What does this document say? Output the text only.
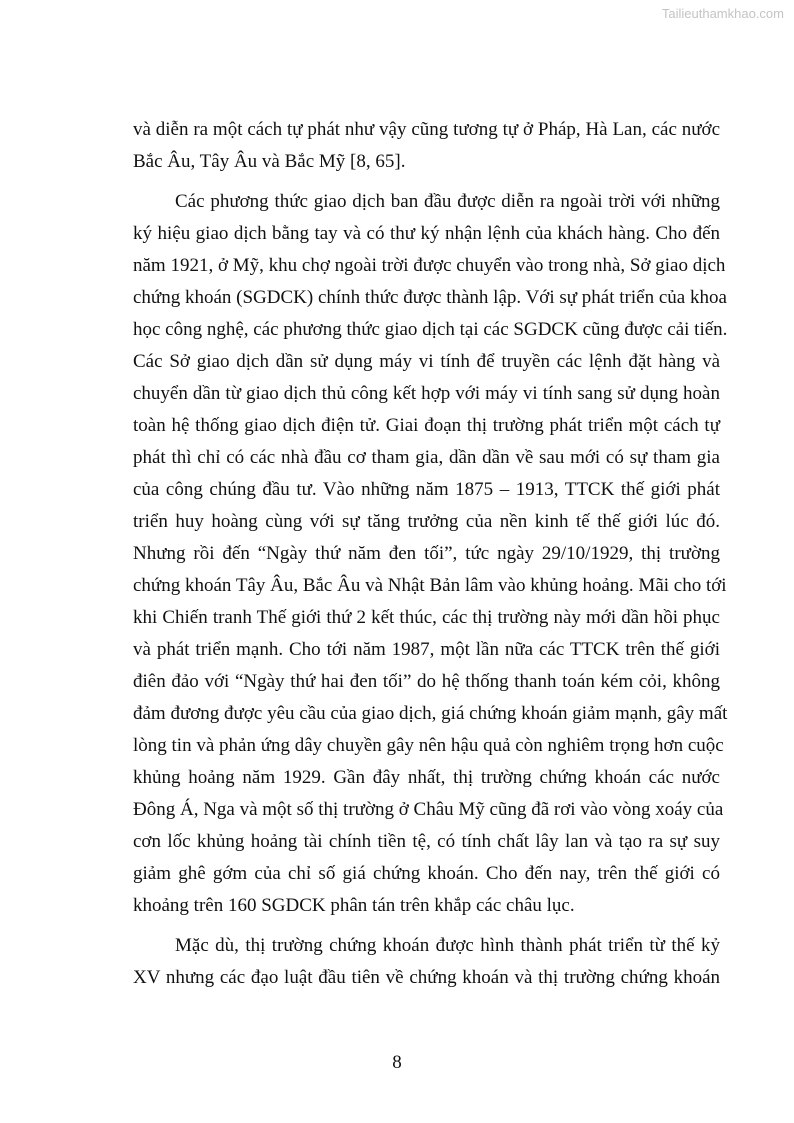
Tailieuthamkhao.com
và diễn ra một cách tự phát như vậy cũng tương tự ở Pháp, Hà Lan, các nước
Bắc Âu, Tây Âu và Bắc Mỹ [8, 65].
Các phương thức giao dịch ban đầu được diễn ra ngoài trời với những
ký hiệu giao dịch bằng tay và có thư ký nhận lệnh của khách hàng. Cho đến
năm 1921, ở Mỹ, khu chợ ngoài trời được chuyển vào trong nhà, Sở giao dịch
chứng khoán (SGDCK) chính thức được thành lập. Với sự phát triển của khoa
học công nghệ, các phương thức giao dịch tại các SGDCK cũng được cải tiến.
Các Sở giao dịch dần sử dụng máy vi tính để truyền các lệnh đặt hàng và
chuyển dần từ giao dịch thủ công kết hợp với máy vi tính sang sử dụng hoàn
toàn hệ thống giao dịch điện tử. Giai đoạn thị trường phát triển một cách tự
phát thì chỉ có các nhà đầu cơ tham gia, dần dần về sau mới có sự tham gia
của công chúng đầu tư. Vào những năm 1875 – 1913, TTCK thế giới phát
triển huy hoàng cùng với sự tăng trưởng của nền kinh tế thế giới lúc đó.
Nhưng rồi đến “Ngày thứ năm đen tối”, tức ngày 29/10/1929, thị trường
chứng khoán Tây Âu, Bắc Âu và Nhật Bản lâm vào khủng hoảng. Mãi cho tới
khi Chiến tranh Thế giới thứ 2 kết thúc, các thị trường này mới dần hồi phục
và phát triển mạnh. Cho tới năm 1987, một lần nữa các TTCK trên thế giới
điên đảo với “Ngày thứ hai đen tối” do hệ thống thanh toán kém cỏi, không
đảm đương được yêu cầu của giao dịch, giá chứng khoán giảm mạnh, gây mất
lòng tin và phản ứng dây chuyền gây nên hậu quả còn nghiêm trọng hơn cuộc
khủng hoảng năm 1929. Gần đây nhất, thị trường chứng khoán các nước
Đông Á, Nga và một số thị trường ở Châu Mỹ cũng đã rơi vào vòng xoáy của
cơn lốc khủng hoảng tài chính tiền tệ, có tính chất lây lan và tạo ra sự suy
giảm ghê gớm của chỉ số giá chứng khoán. Cho đến nay, trên thế giới có
khoảng trên 160 SGDCK phân tán trên khắp các châu lục.
Mặc dù, thị trường chứng khoán được hình thành phát triển từ thế kỷ
XV nhưng các đạo luật đầu tiên về chứng khoán và thị trường chứng khoán
8
